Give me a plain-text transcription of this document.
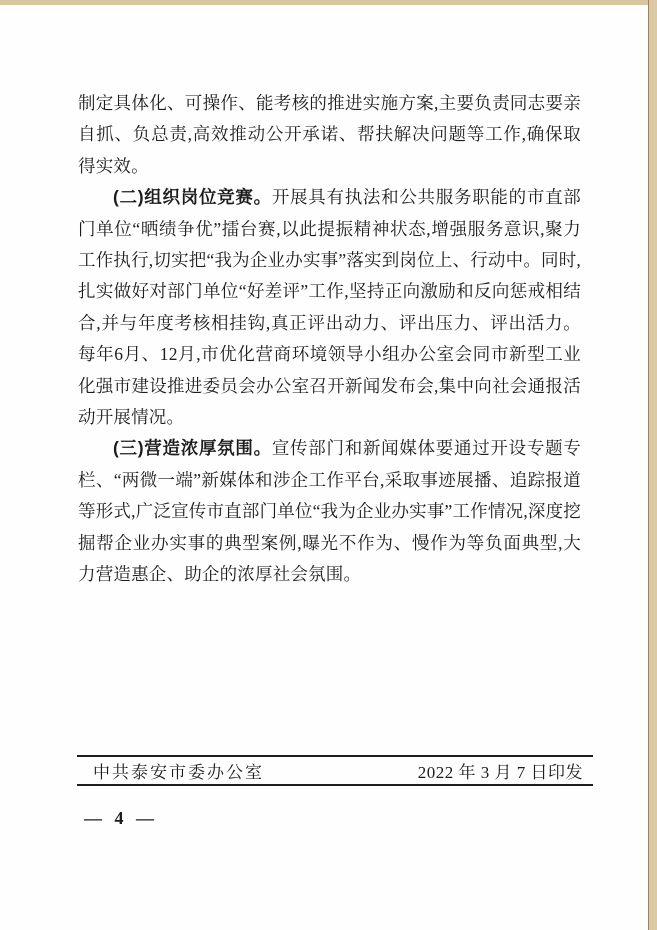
制定具体化、可操作、能考核的推进实施方案,主要负责同志要亲自抓、负总责,高效推动公开承诺、帮扶解决问题等工作,确保取得实效。

(二)组织岗位竞赛。开展具有执法和公共服务职能的市直部门单位“晒绩争优”擂台赛,以此提振精神状态,增强服务意识,聚力工作执行,切实把“我为企业办实事”落实到岗位上、行动中。同时,扎实做好对部门单位“好差评”工作,坚持正向激励和反向惩戒相结合,并与年度考核相挂钩,真正评出动力、评出压力、评出活力。每年6月、12月,市优化营商环境领导小组办公室会同市新型工业化强市建设推进委员会办公室召开新闻发布会,集中向社会通报活动开展情况。

(三)营造浓厚氛围。宣传部门和新闻媒体要通过开设专题专栏、“两微一端”新媒体和涉企工作平台,采取事迹展播、追踪报道等形式,广泛宣传市直部门单位“我为企业办实事”工作情况,深度挖掘帮企业办实事的典型案例,曝光不作为、慢作为等负面典型,大力营造惠企、助企的浓厚社会氛围。

中共泰安市委办公室	2022 年 3 月 7 日印发
— 4 —
